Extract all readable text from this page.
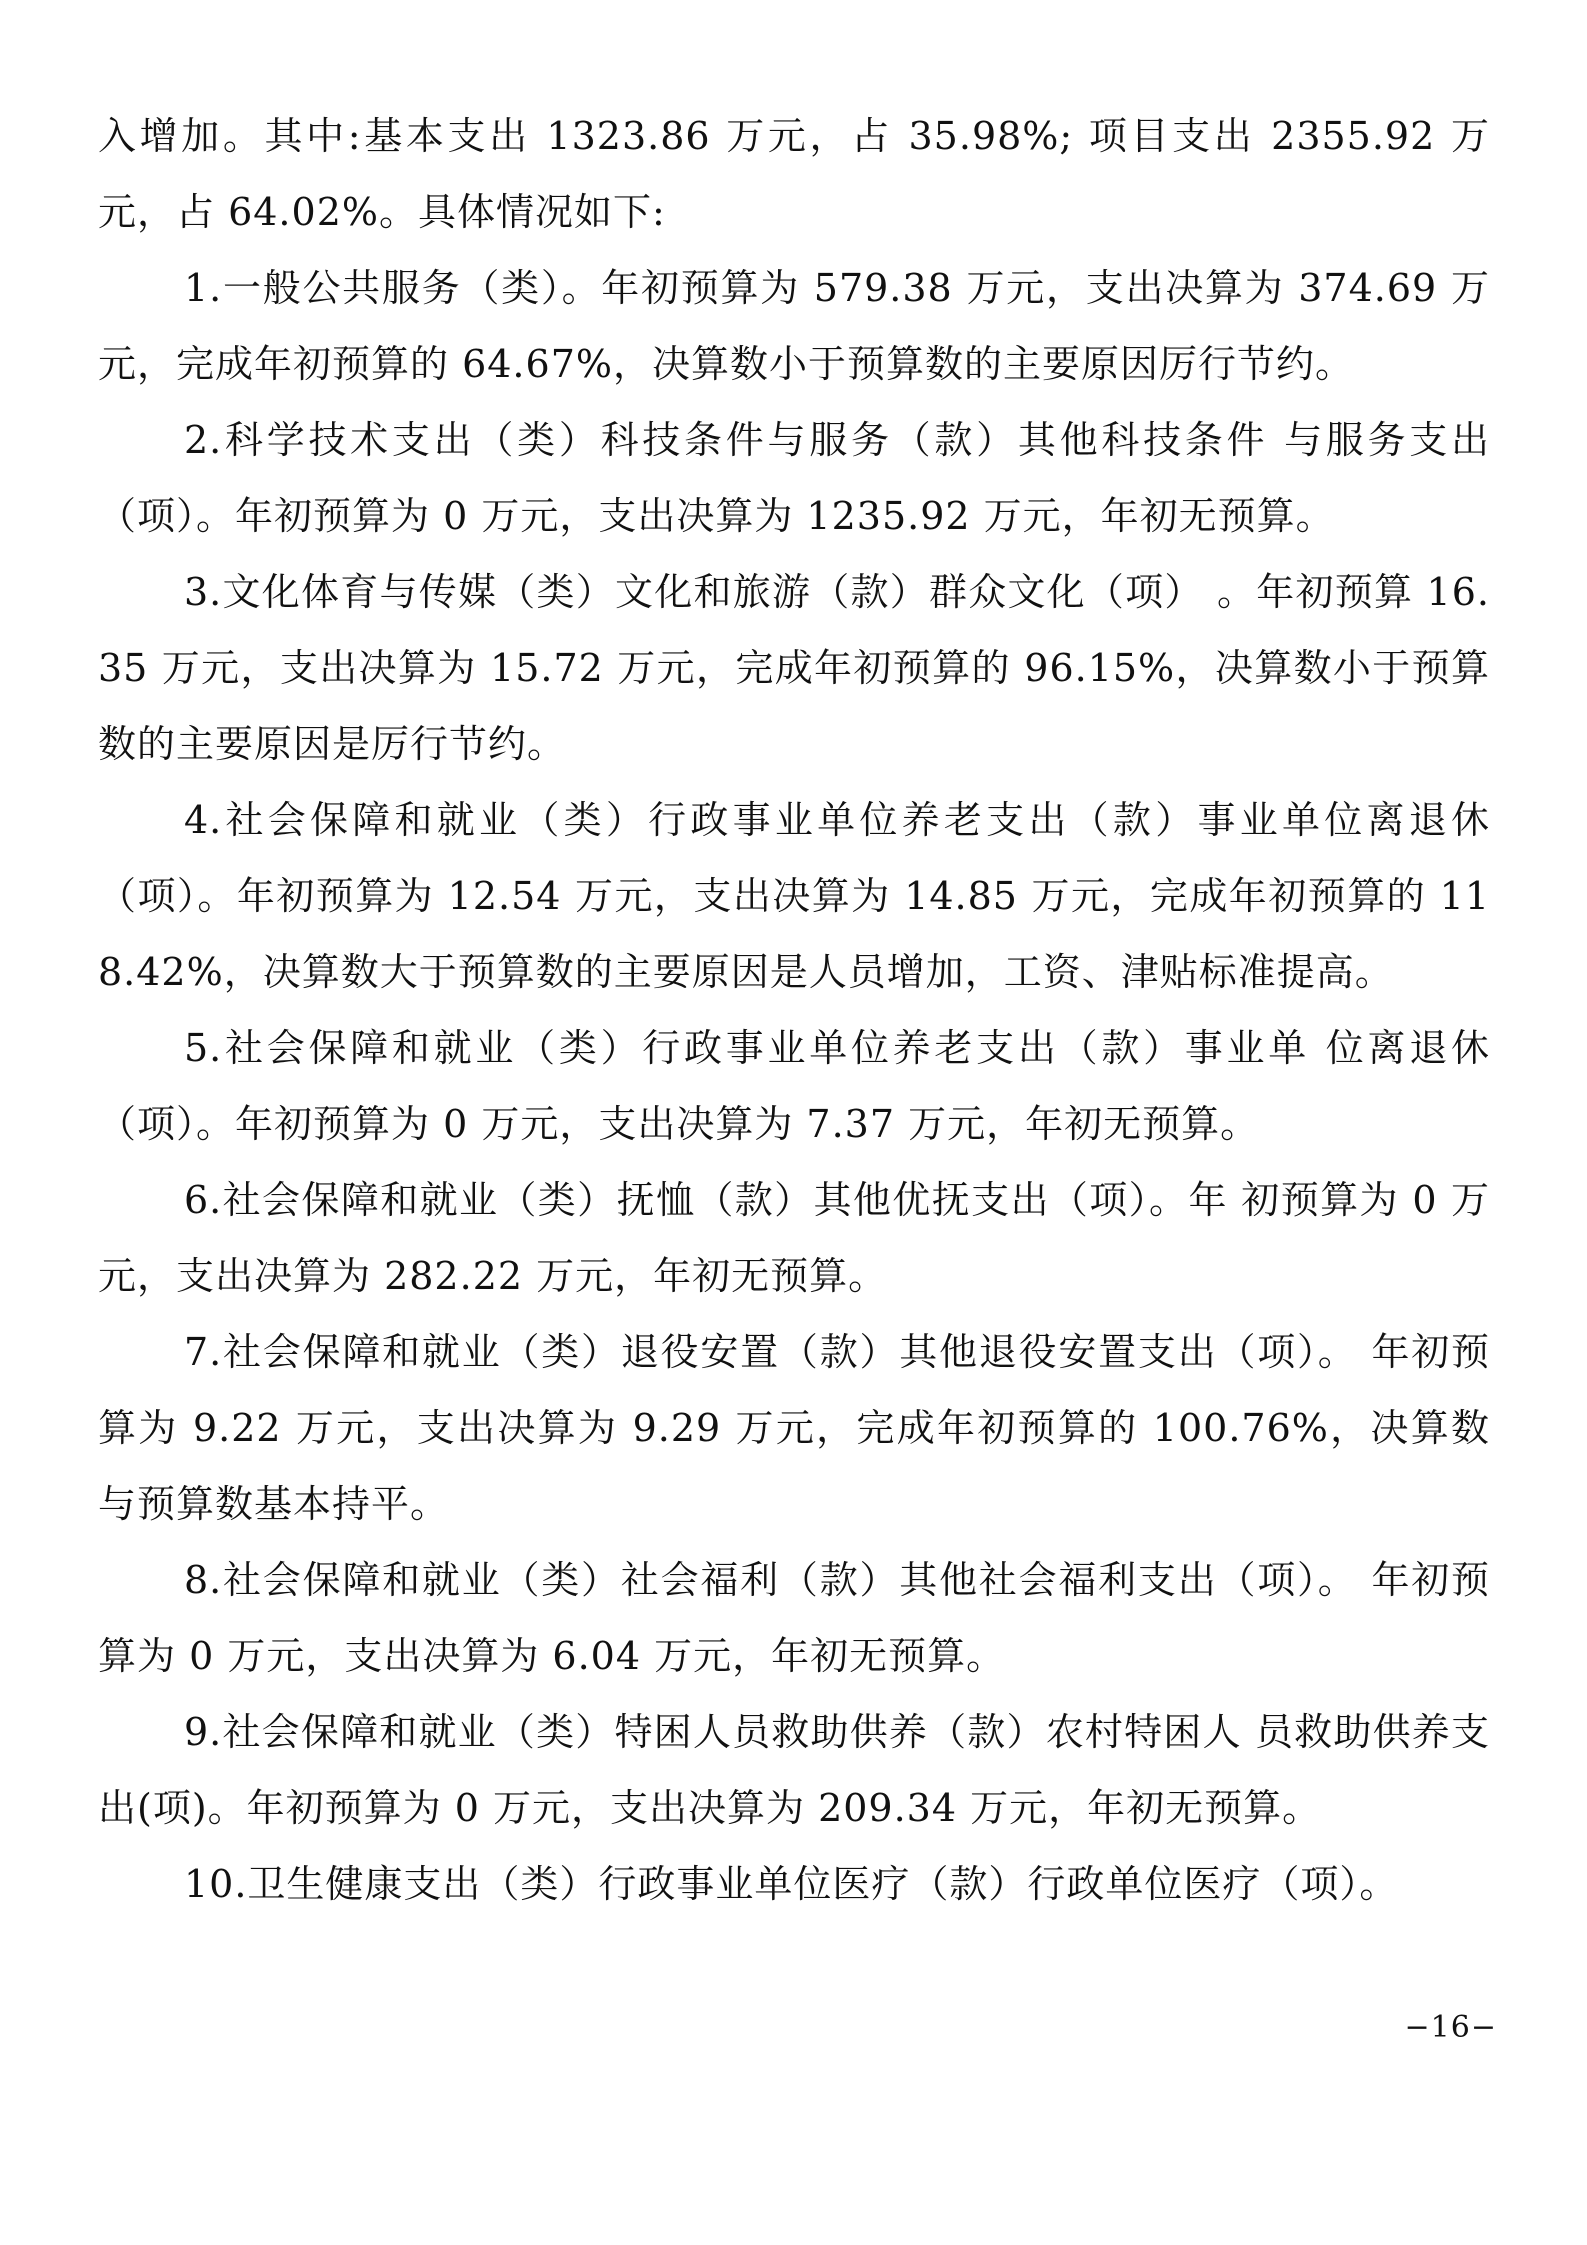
入增加。其中:基本支出 1323.86 万元，占 35.98%; 项目支出 2355.92 万元，占 64.02%。具体情况如下:

1.一般公共服务（类）。年初预算为 579.38 万元，支出决算为 374.69 万元，完成年初预算的 64.67%，决算数小于预算数的主要原因厉行节约。

2.科学技术支出（类）科技条件与服务（款）其他科技条件 与服务支出（项）。年初预算为 0 万元，支出决算为 1235.92 万元，年初无预算。

3.文化体育与传媒（类）文化和旅游（款）群众文化（项） 。年初预算 16.35 万元，支出决算为 15.72 万元，完成年初预算的 96.15%，决算数小于预算数的主要原因是厉行节约。

4.社会保障和就业（类）行政事业单位养老支出（款）事业单位离退休（项）。年初预算为 12.54 万元，支出决算为 14.85 万元，完成年初预算的 118.42%，决算数大于预算数的主要原因是人员增加，工资、津贴标准提高。

5.社会保障和就业（类）行政事业单位养老支出（款）事业单 位离退休（项）。年初预算为 0 万元，支出决算为 7.37 万元，年初无预算。

6.社会保障和就业（类）抚恤（款）其他优抚支出（项）。年 初预算为 0 万元，支出决算为 282.22 万元，年初无预算。

7.社会保障和就业（类）退役安置（款）其他退役安置支出（项）。 年初预算为 9.22 万元，支出决算为 9.29 万元，完成年初预算的 100.76%，决算数与预算数基本持平。

8.社会保障和就业（类）社会福利（款）其他社会福利支出（项）。 年初预算为 0 万元，支出决算为 6.04 万元，年初无预算。

9.社会保障和就业（类）特困人员救助供养（款）农村特困人 员救助供养支出(项)。年初预算为 0 万元，支出决算为 209.34 万元，年初无预算。

10.卫生健康支出（类）行政事业单位医疗（款）行政单位医疗（项）。

−16−
